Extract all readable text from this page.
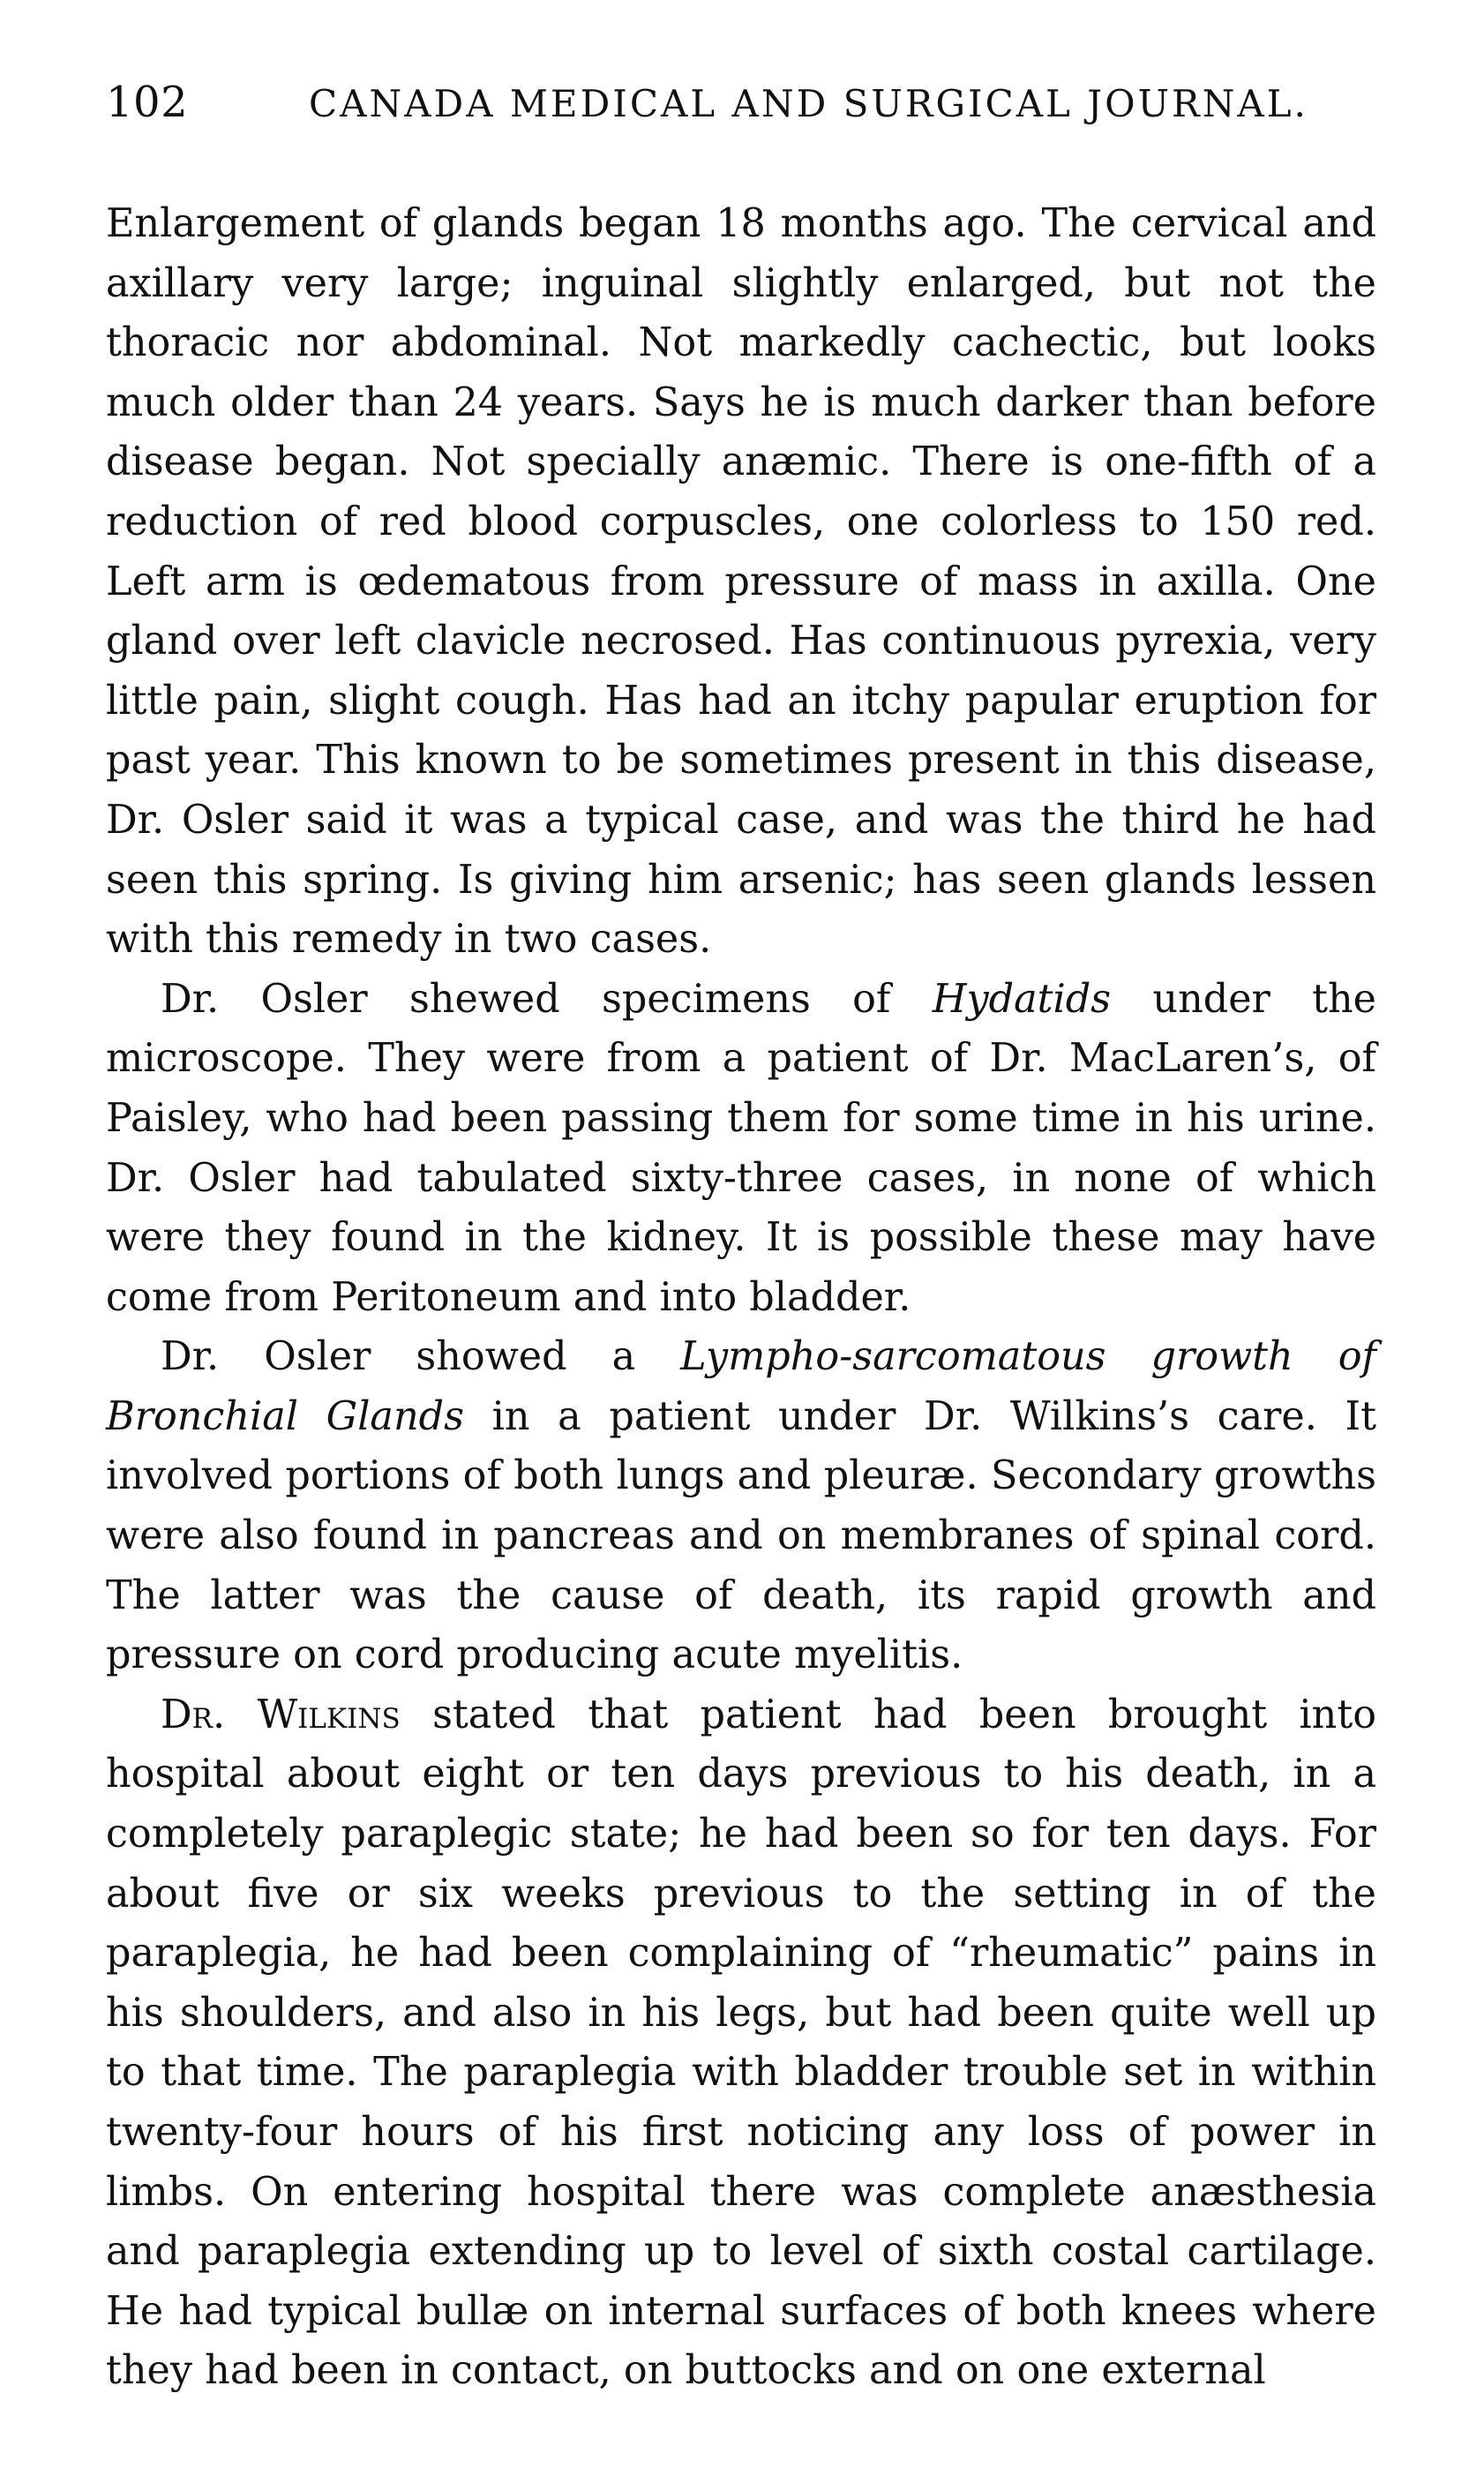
102	CANADA MEDICAL AND SURGICAL JOURNAL.

Enlargement of glands began 18 months ago. The cervical and axillary very large; inguinal slightly enlarged, but not the thoracic nor abdominal. Not markedly cachectic, but looks much older than 24 years. Says he is much darker than before disease began. Not specially anæmic. There is one-fifth of a reduction of red blood corpuscles, one colorless to 150 red. Left arm is œdematous from pressure of mass in axilla. One gland over left clavicle necrosed. Has continuous pyrexia, very little pain, slight cough. Has had an itchy papular eruption for past year. This known to be sometimes present in this disease, Dr. Osler said it was a typical case, and was the third he had seen this spring. Is giving him arsenic; has seen glands lessen with this remedy in two cases.

Dr. Osler shewed specimens of Hydatids under the microscope. They were from a patient of Dr. MacLaren’s, of Paisley, who had been passing them for some time in his urine. Dr. Osler had tabulated sixty-three cases, in none of which were they found in the kidney. It is possible these may have come from Peritoneum and into bladder.

Dr. Osler showed a Lympho-sarcomatous growth of Bronchial Glands in a patient under Dr. Wilkins’s care. It involved portions of both lungs and pleuræ. Secondary growths were also found in pancreas and on membranes of spinal cord. The latter was the cause of death, its rapid growth and pressure on cord producing acute myelitis.

Dr. Wilkins stated that patient had been brought into hospital about eight or ten days previous to his death, in a completely paraplegic state; he had been so for ten days. For about five or six weeks previous to the setting in of the paraplegia, he had been complaining of “rheumatic” pains in his shoulders, and also in his legs, but had been quite well up to that time. The paraplegia with bladder trouble set in within twenty-four hours of his first noticing any loss of power in limbs. On entering hospital there was complete anæsthesia and paraplegia extending up to level of sixth costal cartilage. He had typical bullæ on internal surfaces of both knees where they had been in contact, on buttocks and on one external
